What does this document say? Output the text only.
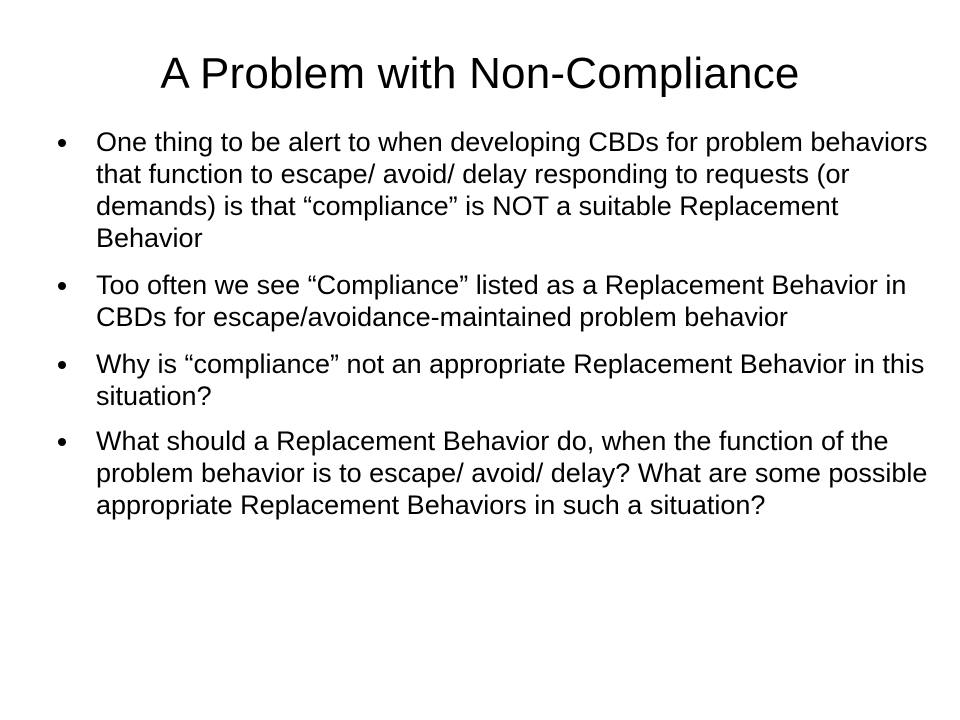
A Problem with Non-Compliance
One thing to be alert to when developing CBDs for problem behaviors that function to escape/ avoid/ delay responding to requests (or demands) is that “compliance” is NOT a suitable Replacement Behavior
Too often we see “Compliance” listed as a Replacement Behavior in CBDs for escape/avoidance-maintained problem behavior
Why is “compliance” not an appropriate Replacement Behavior in this situation?
What should a Replacement Behavior do, when the function of the problem behavior is to escape/ avoid/ delay? What are some possible appropriate Replacement Behaviors in such a situation?
